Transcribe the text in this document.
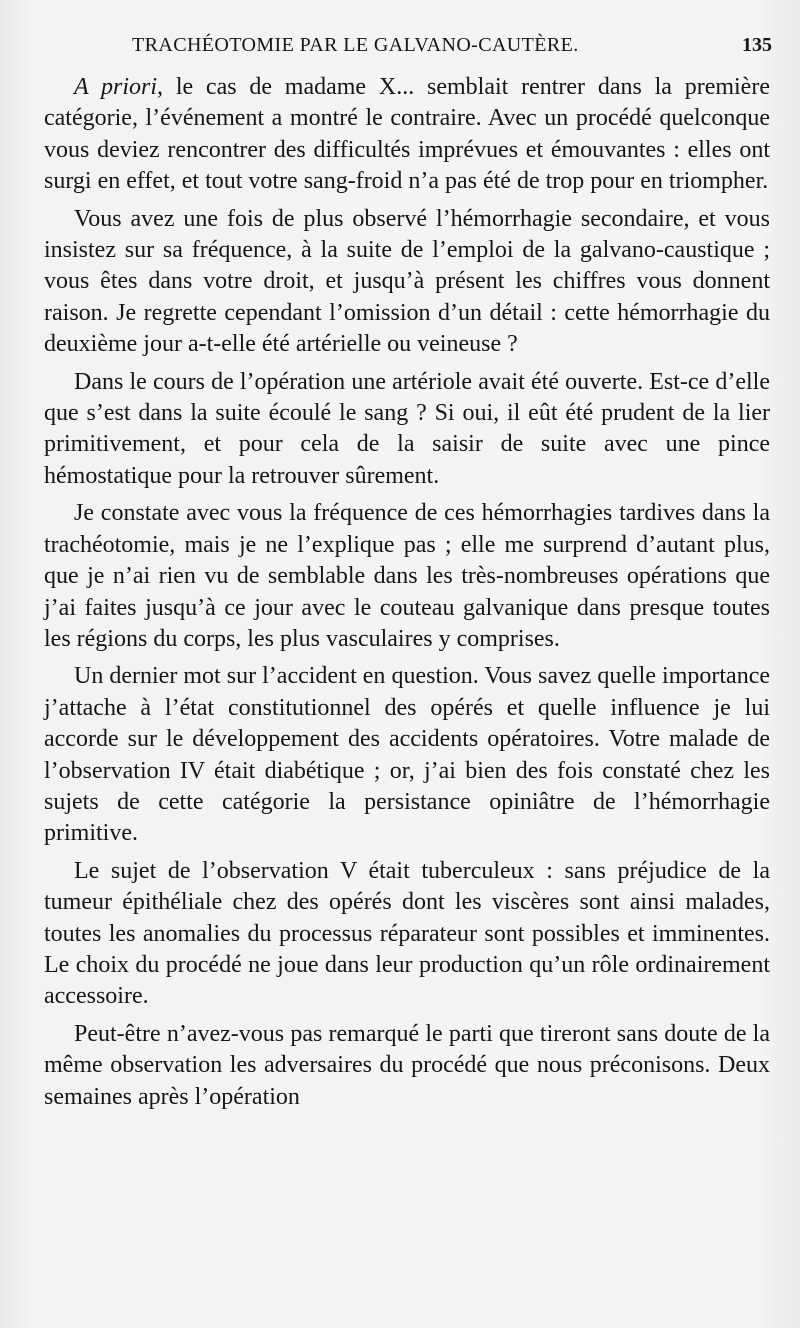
TRACHÉOTOMIE PAR LE GALVANO-CAUTÈRE.	135

A priori, le cas de madame X... semblait rentrer dans la première catégorie, l’événement a montré le contraire. Avec un procédé quelconque vous deviez rencontrer des difficultés imprévues et émouvantes : elles ont surgi en effet, et tout votre sang-froid n’a pas été de trop pour en triompher.

Vous avez une fois de plus observé l’hémorrhagie secondaire, et vous insistez sur sa fréquence, à la suite de l’emploi de la galvano-caustique ; vous êtes dans votre droit, et jusqu’à présent les chiffres vous donnent raison. Je regrette cependant l’omission d’un détail : cette hémorrhagie du deuxième jour a-t-elle été artérielle ou veineuse ?

Dans le cours de l’opération une artériole avait été ouverte. Est-ce d’elle que s’est dans la suite écoulé le sang ? Si oui, il eût été prudent de la lier primitivement, et pour cela de la saisir de suite avec une pince hémostatique pour la retrouver sûrement.

Je constate avec vous la fréquence de ces hémorrhagies tardives dans la trachéotomie, mais je ne l’explique pas ; elle me surprend d’autant plus, que je n’ai rien vu de semblable dans les très-nombreuses opérations que j’ai faites jusqu’à ce jour avec le couteau galvanique dans presque toutes les régions du corps, les plus vasculaires y comprises.

Un dernier mot sur l’accident en question. Vous savez quelle importance j’attache à l’état constitutionnel des opérés et quelle influence je lui accorde sur le développement des accidents opératoires. Votre malade de l’observation IV était diabétique ; or, j’ai bien des fois constaté chez les sujets de cette catégorie la persistance opiniâtre de l’hémorrhagie primitive.

Le sujet de l’observation V était tuberculeux : sans préjudice de la tumeur épithéliale chez des opérés dont les viscères sont ainsi malades, toutes les anomalies du processus réparateur sont possibles et imminentes. Le choix du procédé ne joue dans leur production qu’un rôle ordinairement accessoire.

Peut-être n’avez-vous pas remarqué le parti que tireront sans doute de la même observation les adversaires du procédé que nous préconisons. Deux semaines après l’opération
